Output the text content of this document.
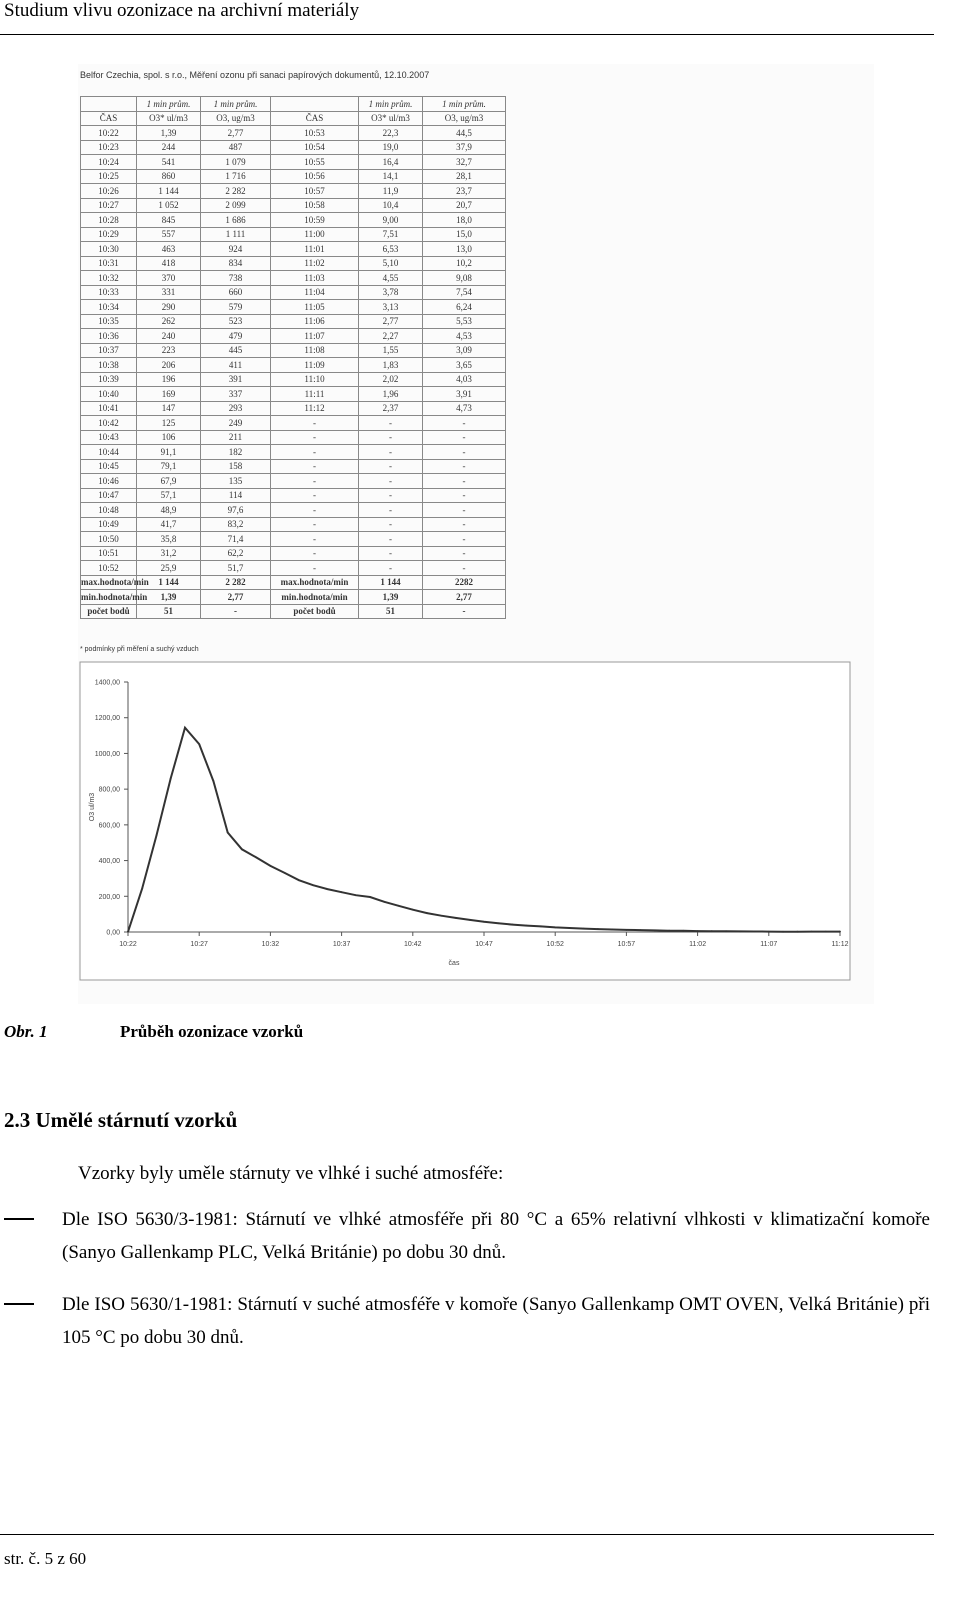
Studium vlivu ozonizace na archivní materiály
Belfor Czechia, spol. s r.o., Měření ozonu při sanaci papírových dokumentů, 12.10.2007
	1 min prům.	1 min prům.		1 min prům.	1 min prům.
ČAS	O3* ul/m3	O3, ug/m3	ČAS	O3* ul/m3	O3, ug/m3
10:22	1,39	2,77	10:53	22,3	44,5
10:23	244	487	10:54	19,0	37,9
10:24	541	1 079	10:55	16,4	32,7
10:25	860	1 716	10:56	14,1	28,1
10:26	1 144	2 282	10:57	11,9	23,7
10:27	1 052	2 099	10:58	10,4	20,7
10:28	845	1 686	10:59	9,00	18,0
10:29	557	1 111	11:00	7,51	15,0
10:30	463	924	11:01	6,53	13,0
10:31	418	834	11:02	5,10	10,2
10:32	370	738	11:03	4,55	9,08
10:33	331	660	11:04	3,78	7,54
10:34	290	579	11:05	3,13	6,24
10:35	262	523	11:06	2,77	5,53
10:36	240	479	11:07	2,27	4,53
10:37	223	445	11:08	1,55	3,09
10:38	206	411	11:09	1,83	3,65
10:39	196	391	11:10	2,02	4,03
10:40	169	337	11:11	1,96	3,91
10:41	147	293	11:12	2,37	4,73
10:42	125	249	-	-	-
10:43	106	211	-	-	-
10:44	91,1	182	-	-	-
10:45	79,1	158	-	-	-
10:46	67,9	135	-	-	-
10:47	57,1	114	-	-	-
10:48	48,9	97,6	-	-	-
10:49	41,7	83,2	-	-	-
10:50	35,8	71,4	-	-	-
10:51	31,2	62,2	-	-	-
10:52	25,9	51,7	-	-	-
max.hodnota/min	1 144	2 282	max.hodnota/min	1 144	2282
min.hodnota/min	1,39	2,77	min.hodnota/min	1,39	2,77
počet bodů	51	-	počet bodů	51	-
* podmínky při měření a suchý vzduch
0,00
200,00
400,00
600,00
800,00
1000,00
1200,00
1400,00
10:22	10:27	10:32	10:37	10:42	10:47	10:52	10:57	11:02	11:07	11:12
O3 ul/m3
čas
Obr. 1	Průběh ozonizace vzorků
2.3 Umělé stárnutí vzorků
Vzorky byly uměle stárnuty ve vlhké i suché atmosféře:
Dle ISO 5630/3-1981: Stárnutí ve vlhké atmosféře při 80 °C a 65% relativní vlhkosti v klimatizační komoře (Sanyo Gallenkamp PLC, Velká Británie) po dobu 30 dnů.
Dle ISO 5630/1-1981: Stárnutí v suché atmosféře v komoře (Sanyo Gallenkamp OMT OVEN, Velká Británie) při 105 °C po dobu 30 dnů.
str. č. 5 z 60
